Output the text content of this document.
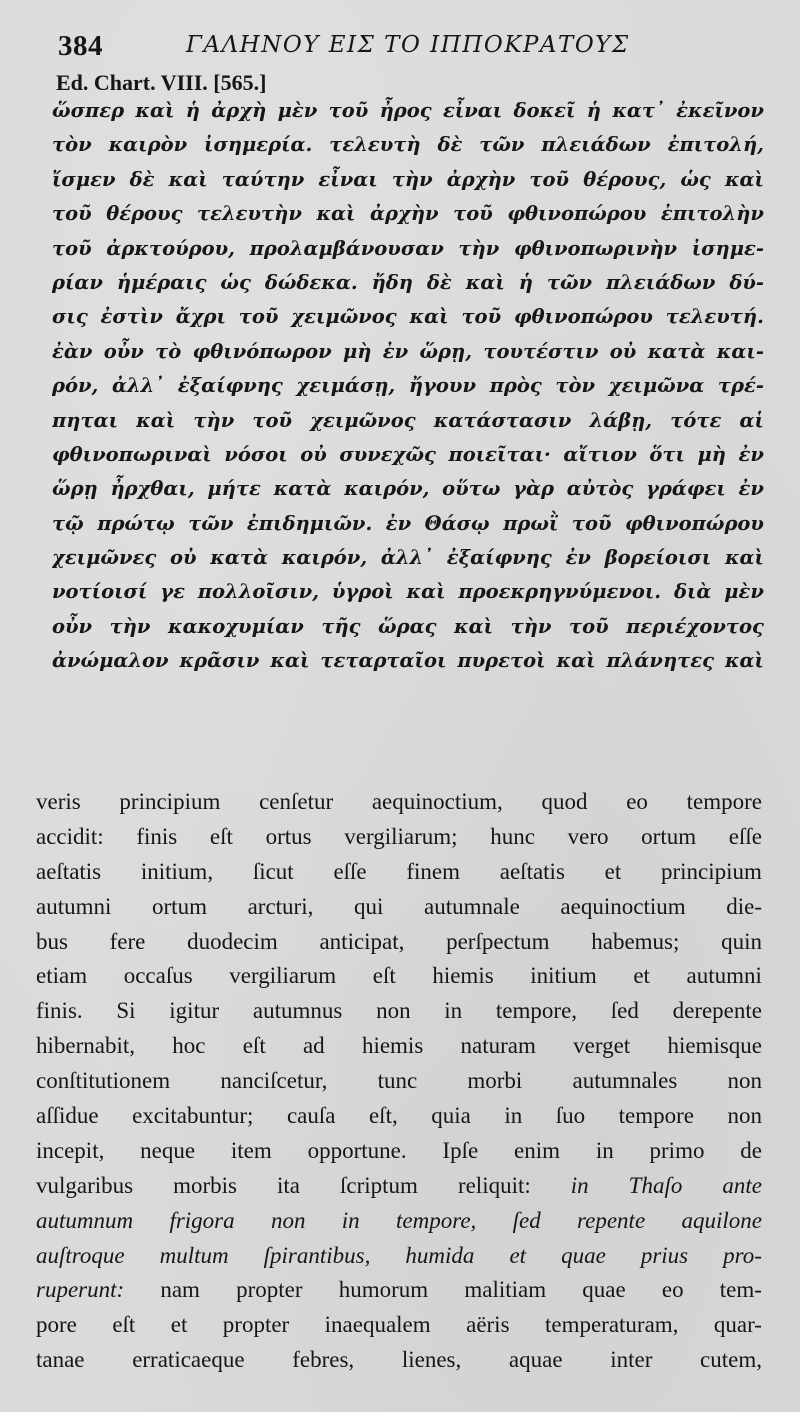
384	ΓΑΛΗΝΟΥ ΕΙΣ ΤΟ ΙΠΠΟΚΡΑΤΟΥΣ
Ed. Chart. VIII. [565.]
ὥσπερ καὶ ἡ ἀρχὴ μὲν τοῦ ἦρος εἶναι δοκεῖ ἡ κατ᾽ ἐκεῖνον
τὸν καιρὸν ἰσημερία. τελευτὴ δὲ τῶν πλειάδων ἐπιτολή,
ἴσμεν δὲ καὶ ταύτην εἶναι τὴν ἀρχὴν τοῦ θέρους, ὡς καὶ
τοῦ θέρους τελευτὴν καὶ ἀρχὴν τοῦ φθινοπώρου ἐπιτολὴν
τοῦ ἀρκτούρου, προλαμβάνουσαν τὴν φθινοπωρινὴν ἰσημε-
ρίαν ἡμέραις ὡς δώδεκα. ἤδη δὲ καὶ ἡ τῶν πλειάδων δύ-
σις ἐστὶν ἄχρι τοῦ χειμῶνος καὶ τοῦ φθινοπώρου τελευτή.
ἐὰν οὖν τὸ φθινόπωρον μὴ ἐν ὥρῃ, τουτέστιν οὐ κατὰ και-
ρόν, ἀλλ᾽ ἐξαίφνης χειμάσῃ, ἤγουν πρὸς τὸν χειμῶνα τρέ-
πηται καὶ τὴν τοῦ χειμῶνος κατάστασιν λάβῃ, τότε αἱ
φθινοπωριναὶ νόσοι οὐ συνεχῶς ποιεῖται· αἴτιον ὅτι μὴ ἐν
ὥρῃ ἦρχθαι, μήτε κατὰ καιρόν, οὕτω γὰρ αὐτὸς γράφει ἐν
τῷ πρώτῳ τῶν ἐπιδημιῶν. ἐν Θάσῳ πρωῒ τοῦ φθινοπώρου
χειμῶνες οὐ κατὰ καιρόν, ἀλλ᾽ ἐξαίφνης ἐν βορείοισι καὶ
νοτίοισί γε πολλοῖσιν, ὑγροὶ καὶ προεκρηγνύμενοι. διὰ μὲν
οὖν τὴν κακοχυμίαν τῆς ὥρας καὶ τὴν τοῦ περιέχοντος
ἀνώμαλον κρᾶσιν καὶ τεταρταῖοι πυρετοὶ καὶ πλάνητες καὶ
veris principium cenſetur aequinoctium, quod eo tempore
accidit: finis eſt ortus vergiliarum; hunc vero ortum eſſe
aeſtatis initium, ſicut eſſe finem aeſtatis et principium
autumni ortum arcturi, qui autumnale aequinoctium die-
bus fere duodecim anticipat, perſpectum habemus; quin
etiam occaſus vergiliarum eſt hiemis initium et autumni
finis. Si igitur autumnus non in tempore, ſed derepente
hibernabit, hoc eſt ad hiemis naturam verget hiemisque
conſtitutionem nanciſcetur, tunc morbi autumnales non
aſſidue excitabuntur; cauſa eſt, quia in ſuo tempore non
incepit, neque item opportune. Ipſe enim in primo de
vulgaribus morbis ita ſcriptum reliquit: in Thaſo ante
autumnum frigora non in tempore, ſed repente aquilone
auſtroque multum ſpirantibus, humida et quae prius pro-
ruperunt: nam propter humorum malitiam quae eo tem-
pore eſt et propter inaequalem aëris temperaturam, quar-
tanae erraticaeque febres, lienes, aquae inter cutem,
